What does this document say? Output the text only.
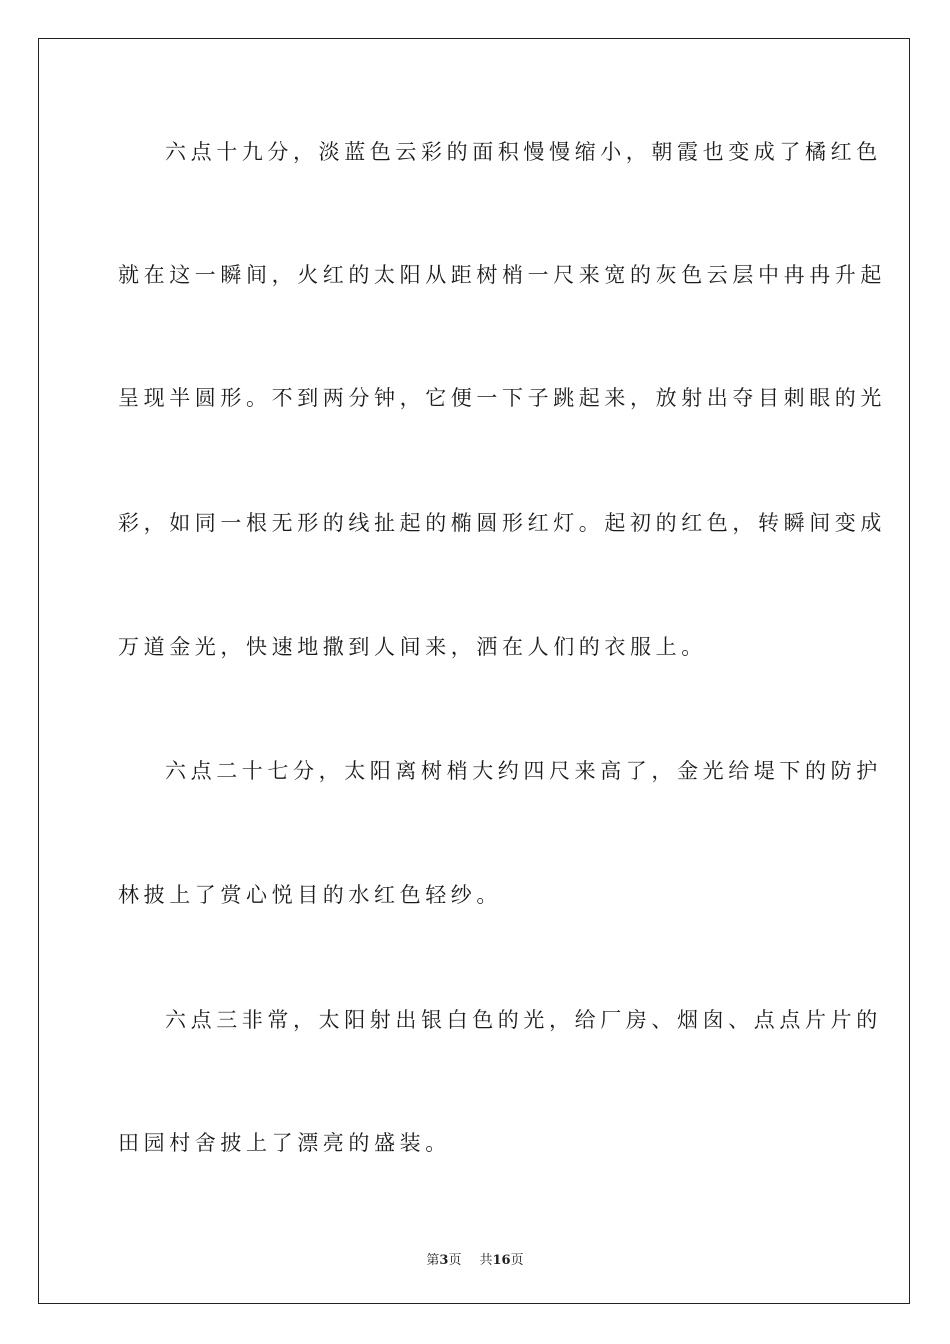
六点十九分，淡蓝色云彩的面积慢慢缩小，朝霞也变成了橘红色
就在这一瞬间，火红的太阳从距树梢一尺来宽的灰色云层中冉冉升起
呈现半圆形。不到两分钟，它便一下子跳起来，放射出夺目刺眼的光
彩，如同一根无形的线扯起的椭圆形红灯。起初的红色，转瞬间变成
万道金光，快速地撒到人间来，洒在人们的衣服上。
六点二十七分，太阳离树梢大约四尺来高了，金光给堤下的防护
林披上了赏心悦目的水红色轻纱。
六点三非常，太阳射出银白色的光，给厂房、烟囱、点点片片的
田园村舍披上了漂亮的盛装。
第3页 共16页
